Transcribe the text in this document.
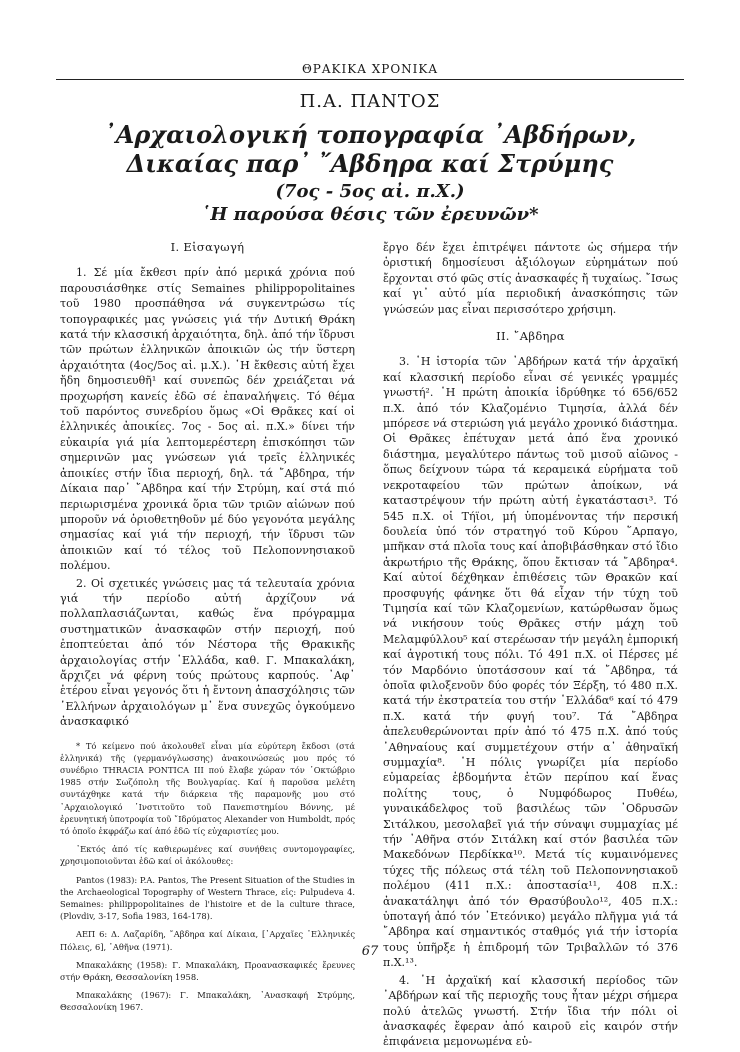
ΘΡΑΚΙΚΑ ΧΡΟΝΙΚΑ
Π.Α. ΠΑΝΤΟΣ
᾿Αρχαιολογική τοπογραφία ᾿Αβδήρων,
Δικαίας παρ᾿ ῎Αβδηρα καί Στρύμης
(7ος - 5ος αἰ. π.Χ.)
῾Η παρούσα θέσις τῶν ἐρευνῶν*
I. Εἰσαγωγή

1. Σέ μία ἔκθεσι πρίν ἀπό μερικά χρόνια πού παρουσιάσθηκε στίς Semaines philippopolitaines τοῦ 1980 προσπάθησα νά συγκεντρώσω τίς τοπογραφικές μας γνώσεις γιά τήν Δυτική Θράκη κατά τήν κλασσική ἀρχαιότητα, δηλ. ἀπό τήν ἵδρυσι τῶν πρώτων ἑλληνικῶν ἀποικιῶν ὡς τήν ὕστερη ἀρχαιότητα (4ος/5ος αἰ. μ.Χ.). ῾Η ἔκθεσις αὐτή ἔχει ἤδη δημοσιευθῆ¹ καί συνεπῶς δέν χρειάζεται νά προχωρήση κανείς ἐδῶ σέ ἐπαναλήψεις. Τό θέμα τοῦ παρόντος συνεδρίου ὅμως «Οἱ Θρᾶκες καί οἱ ἑλληνικές ἀποικίες. 7ος - 5ος αἰ. π.Χ.» δίνει τήν εὐκαιρία γιά μία λεπτομερέστερη ἐπισκόπησι τῶν σημερινῶν μας γνώσεων γιά τρεῖς ἑλληνικές ἀποικίες στήν ἴδια περιοχή, δηλ. τά ῎Αβδηρα, τήν Δίκαια παρ᾿ ῎Αβδηρα καί τήν Στρύμη, καί στά πιό περιωρισμένα χρονικά ὅρια τῶν τριῶν αἰώνων πού μποροῦν νά ὁριοθετηθοῦν μέ δύο γεγονότα μεγάλης σημασίας καί γιά τήν περιοχή, τήν ἵδρυσι τῶν ἀποικιῶν καί τό τέλος τοῦ Πελοποννησιακοῦ πολέμου.

2. Οἱ σχετικές γνώσεις μας τά τελευταία χρόνια γιά τήν περίοδο αὐτή ἀρχίζουν νά πολλαπλασιάζωνται, καθώς ἕνα πρόγραμμα συστηματικῶν ἀνασκαφῶν στήν περιοχή, πού ἐποπτεύεται ἀπό τόν Νέστορα τῆς Θρακικῆς ἀρχαιολογίας στήν ῾Ελλάδα, καθ. Γ. Μπακαλάκη, ἄρχιζει νά φέρνη τούς πρώτους καρπούς. ᾿Αφ᾿ ἑτέρου εἶναι γεγονός ὅτι ἡ ἔντονη ἀπασχόλησις τῶν ῾Ελλήνων ἀρχαιολόγων μ᾿ ἕνα συνεχῶς ὀγκούμενο ἀνασκαφικό

* Τό κείμενο πού ἀκολουθεῖ εἶναι μία εὐρύτερη ἔκδοσι (στά ἑλληνικά) τῆς (γερμανόγλωσσης) ἀνακοινώσεώς μου πρός τό συνέδριο THRACIA PONTICA III πού ἔλαβε χώραν τόν ᾿Οκτώβριο 1985 στήν Σωζόπολη τῆς Βουλγαρίας. Καί ἡ παροῦσα μελέτη συντάχθηκε κατά τήν διάρκεια τῆς παραμονῆς μου στό ᾿Αρχαιολογικό ᾿Ινστιτοῦτο τοῦ Πανεπιστημίου Βόννης, μέ ἐρευνητική ὑποτροφία τοῦ ῎Ιδρύματος Alexander von Humboldt, πρός τό ὁποῖο ἐκφράζω καί ἀπό ἐδῶ τίς εὐχαριστίες μου.

᾿Εκτός ἀπό τίς καθιερωμένες καί συνήθεις συντομογραφίες, χρησιμοποιοῦνται ἐδῶ καί οἱ ἀκόλουθες:

Pantos (1983): P.A. Pantos, The Present Situation of the Studies in the Archaeological Topography of Western Thrace, εἰς: Pulpudeva 4. Semaines: philippopolitaines de l'histoire et de la culture thrace, (Plovdiv, 3-17, Sofia 1983, 164-178).

ΑΕΠ 6: Δ. Λαζαρίδη, ῎Αβδηρα καί Δίκαια, [᾿Αρχαῖες ῾Ελληνικές Πόλεις, 6], ᾿Αθῆνα (1971).

Μπακαλάκης (1958): Γ. Μπακαλάκη, Προανασκαφικές ἔρευνες στήν Θράκη, Θεσσαλονίκη 1958.

Μπακαλάκης (1967): Γ. Μπακαλάκη, ᾿Ανασκαφή Στρύμης, Θεσσαλονίκη 1967.

ἔργο δέν ἔχει ἐπιτρέψει πάντοτε ὡς σήμερα τήν ὁριστική δημοσίευσι ἀξιόλογων εὑρημάτων πού ἔρχονται στό φῶς στίς ἀνασκαφές ἤ τυχαίως. ῎Ισως καί γι᾿ αὐτό μία περιοδική ἀνασκόπησις τῶν γνώσεών μας εἶναι περισσότερο χρήσιμη.

II. ῎Αβδηρα

3. ῾Η ἱστορία τῶν ᾿Αβδήρων κατά τήν ἀρχαϊκή καί κλασσική περίοδο εἶναι σέ γενικές γραμμές γνωστή². ῾Η πρώτη ἀποικία ἱδρύθηκε τό 656/652 π.Χ. ἀπό τόν Κλαζομένιο Τιμησία, ἀλλά δέν μπόρεσε νά στεριώση γιά μεγάλο χρονικό διάστημα. Οἱ Θρᾶκες ἐπέτυχαν μετά ἀπό ἕνα χρονικό διάστημα, μεγαλύτερο πάντως τοῦ μισοῦ αἰῶνος - ὅπως δείχνουν τώρα τά κεραμεικά εὑρήματα τοῦ νεκροταφείου τῶν πρώτων ἀποίκων, νά καταστρέψουν τήν πρώτη αὐτή ἐγκατάστασι³. Τό 545 π.Χ. οἱ Τήϊοι, μή ὑπομένοντας τήν περσική δουλεία ὑπό τόν στρατηγό τοῦ Κύρου ῞Αρπαγο, μπῆκαν στά πλοῖα τους καί ἀποβιβάσθηκαν στό ἴδιο ἀκρωτήριο τῆς Θράκης, ὅπου ἔκτισαν τά ῎Αβδηρα⁴. Καί αὐτοί δέχθηκαν ἐπιθέσεις τῶν Θρακῶν καί προσφυγής φάνηκε ὅτι θά εἶχαν τήν τύχη τοῦ Τιμησία καί τῶν Κλαζομενίων, κατώρθωσαν ὅμως νά νικήσουν τούς Θρᾶκες στήν μάχη τοῦ Μελαμφύλλου⁵ καί στερέωσαν τήν μεγάλη ἐμπορική καί ἀγροτική τους πόλι. Τό 491 π.Χ. οἱ Πέρσες μέ τόν Μαρδόνιο ὑποτάσσουν καί τά ῎Αβδηρα, τά ὁποῖα φιλοξενοῦν δύο φορές τόν Ξέρξη, τό 480 π.Χ. κατά τήν ἐκστρατεία του στήν ῾Ελλάδα⁶ καί τό 479 π.Χ. κατά τήν φυγή του⁷. Τά ῎Αβδηρα ἀπελευθερώνονται πρίν ἀπό τό 475 π.Χ. ἀπό τούς ᾿Αθηναίους καί συμμετέχουν στήν α᾿ ἀθηναϊκή συμμαχία⁸. ῾Η πόλις γνωρίζει μία περίοδο εὐμαρείας ἑβδομήντα ἐτῶν περίπου καί ἕνας πολίτης τους, ὁ Νυμφόδωρος Πυθέω, γυναικάδελφος τοῦ βασιλέως τῶν ᾿Οδρυσῶν Σιτάλκου, μεσολαβεῖ γιά τήν σύναψι συμμαχίας μέ τήν ᾿Αθῆνα στόν Σιτάλκη καί στόν βασιλέα τῶν Μακεδόνων Περδίκκα¹⁰. Μετά τίς κυμαινόμενες τύχες τῆς πόλεως στά τέλη τοῦ Πελοποννησιακοῦ πολέμου (411 π.Χ.: ἀποστασία¹¹, 408 π.Χ.: ἀνακατάληψι ἀπό τόν Θρασύβουλο¹², 405 π.Χ.: ὑποταγή ἀπό τόν ᾿Ετεόνικο) μεγάλο πλῆγμα γιά τά ῎Αβδηρα καί σημαντικός σταθμός γιά τήν ἱστορία τους ὑπῆρξε ἡ ἐπιδρομή τῶν Τριβαλλῶν τό 376 π.Χ.¹³.

4. ῾Η ἀρχαϊκή καί κλασσική περίοδος τῶν ᾿Αβδήρων καί τῆς περιοχῆς τους ἦταν μέχρι σήμερα πολύ ἀτελῶς γνωστή. Στήν ἴδια τήν πόλι οἱ ἀνασκαφές ἔφεραν ἀπό καιροῦ εἰς καιρόν στήν ἐπιφάνεια μεμονωμένα εὑ-

67
